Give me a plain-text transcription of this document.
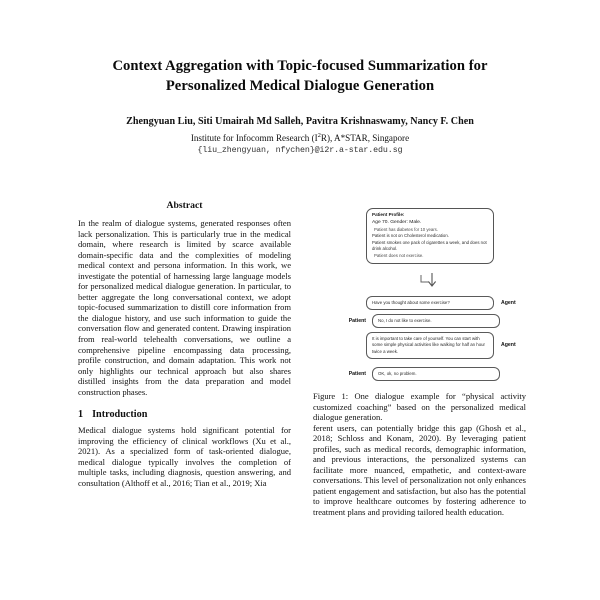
Context Aggregation with Topic-focused Summarization for
Personalized Medical Dialogue Generation
Zhengyuan Liu, Siti Umairah Md Salleh, Pavitra Krishnaswamy, Nancy F. Chen
Institute for Infocomm Research $(I^2R)$, A*STAR, Singapore
{liu_zhengyuan, nfychen}@i2r.a-star.edu.sg
Abstract

In the realm of dialogue systems, generated responses often lack personalization. This is particularly true in the medical domain, where research is limited by scarce available domain-specific data and the complexities of modeling medical context and persona information. In this work, we investigate the potential of harnessing large language models for personalized medical dialogue generation. In particular, to better aggregate the long conversational context, we adopt topic-focused summarization to distill core information from the dialogue history, and use such information to guide the conversation flow and generated content. Drawing inspiration from real-world telehealth conversations, we outline a comprehensive pipeline encompassing data processing, profile construction, and domain adaptation. This work not only highlights our technical approach but also shares distilled insights from the data preparation and model construction phases.

1 Introduction

Medical dialogue systems hold significant potential for improving the efficiency of clinical workflows (Xu et al., 2021). As a specialized form of task-oriented dialogue, medical dialogue typically involves the completion of multiple tasks, including diagnosis, question answering, and consultation (Althoff et al., 2016; Tian et al., 2019; Xia

Patient Profile:
Age 70. Gender: Male.
Patient has diabetes for 10 years.
Patient is not on Cholesterol medication.
Patient smokes one pack of cigarettes a week, and does not drink alcohol.
Patient does not exercise.
Have you thought about some exercise?	Agent
Patient	No, I do not like to exercise.
It is important to take care of yourself. You can start with some simple physical activities like walking for half an hour twice a week.
Agent
Patient	OK, ok, no problem.

Figure 1: One dialogue example for “physical activity customized coaching” based on the personalized medical dialogue generation.

ferent users, can potentially bridge this gap (Ghosh et al., 2018; Schloss and Konam, 2020). By leveraging patient profiles, such as medical records, demographic information, and previous interactions, the personalized systems can facilitate more nuanced, empathetic, and context-aware conversations. This level of personalization not only enhances patient engagement and satisfaction, but also has the potential to improve healthcare outcomes by fostering adherence to treatment plans and providing tailored health education.
